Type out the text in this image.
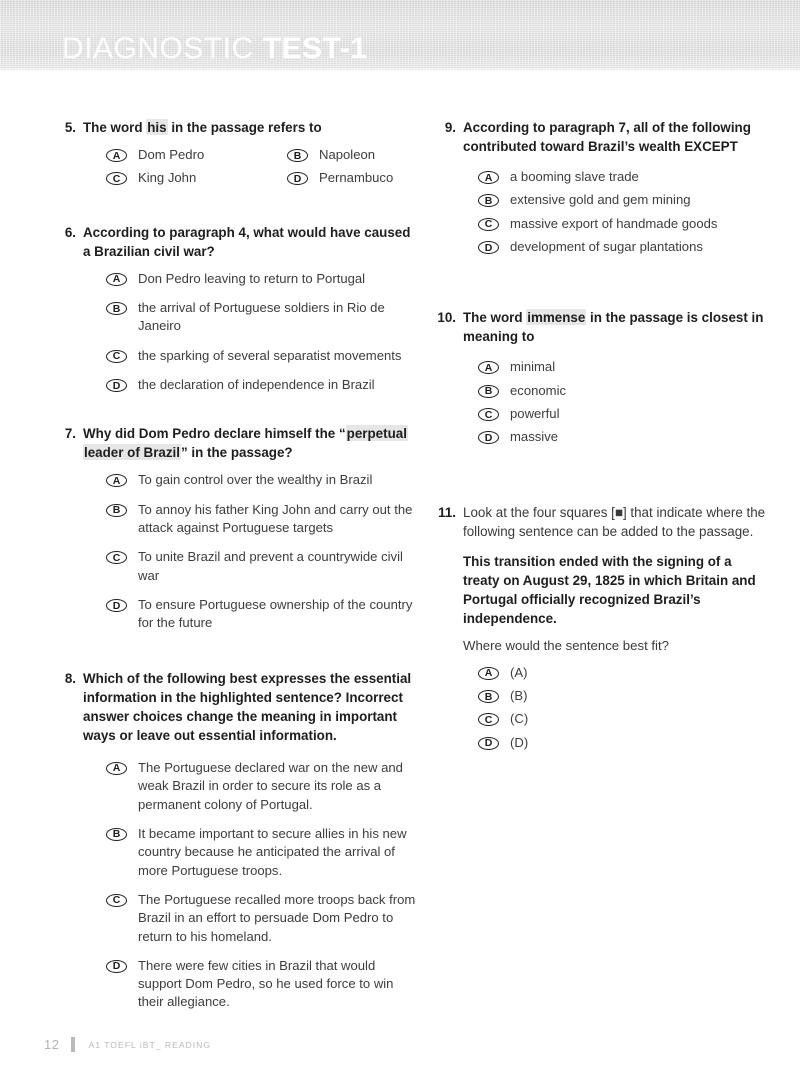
DIAGNOSTIC TEST-1
5. The word his in the passage refers to
A	Dom Pedro	B	Napoleon
C	King John	D	Pernambuco
6. According to paragraph 4, what would have caused a Brazilian civil war?
A	Don Pedro leaving to return to Portugal
B	the arrival of Portuguese soldiers in Rio de Janeiro
C	the sparking of several separatist movements
D	the declaration of independence in Brazil
7. Why did Dom Pedro declare himself the “perpetual leader of Brazil” in the passage?
A	To gain control over the wealthy in Brazil
B	To annoy his father King John and carry out the attack against Portuguese targets
C	To unite Brazil and prevent a countrywide civil war
D	To ensure Portuguese ownership of the country for the future
8. Which of the following best expresses the essential information in the highlighted sentence? Incorrect answer choices change the meaning in important ways or leave out essential information.
A	The Portuguese declared war on the new and weak Brazil in order to secure its role as a permanent colony of Portugal.
B	It became important to secure allies in his new country because he anticipated the arrival of more Portuguese troops.
C	The Portuguese recalled more troops back from Brazil in an effort to persuade Dom Pedro to return to his homeland.
D	There were few cities in Brazil that would support Dom Pedro, so he used force to win their allegiance.
9. According to paragraph 7, all of the following contributed toward Brazil’s wealth EXCEPT
A	a booming slave trade
B	extensive gold and gem mining
C	massive export of handmade goods
D	development of sugar plantations
10. The word immense in the passage is closest in meaning to
A	minimal
B	economic
C	powerful
D	massive
11. Look at the four squares [■] that indicate where the following sentence can be added to the passage.
This transition ended with the signing of a treaty on August 29, 1825 in which Britain and Portugal officially recognized Brazil’s independence.
Where would the sentence best fit?
A	(A)
B	(B)
C	(C)
D	(D)
12	A1 TOEFL iBT_ READING
